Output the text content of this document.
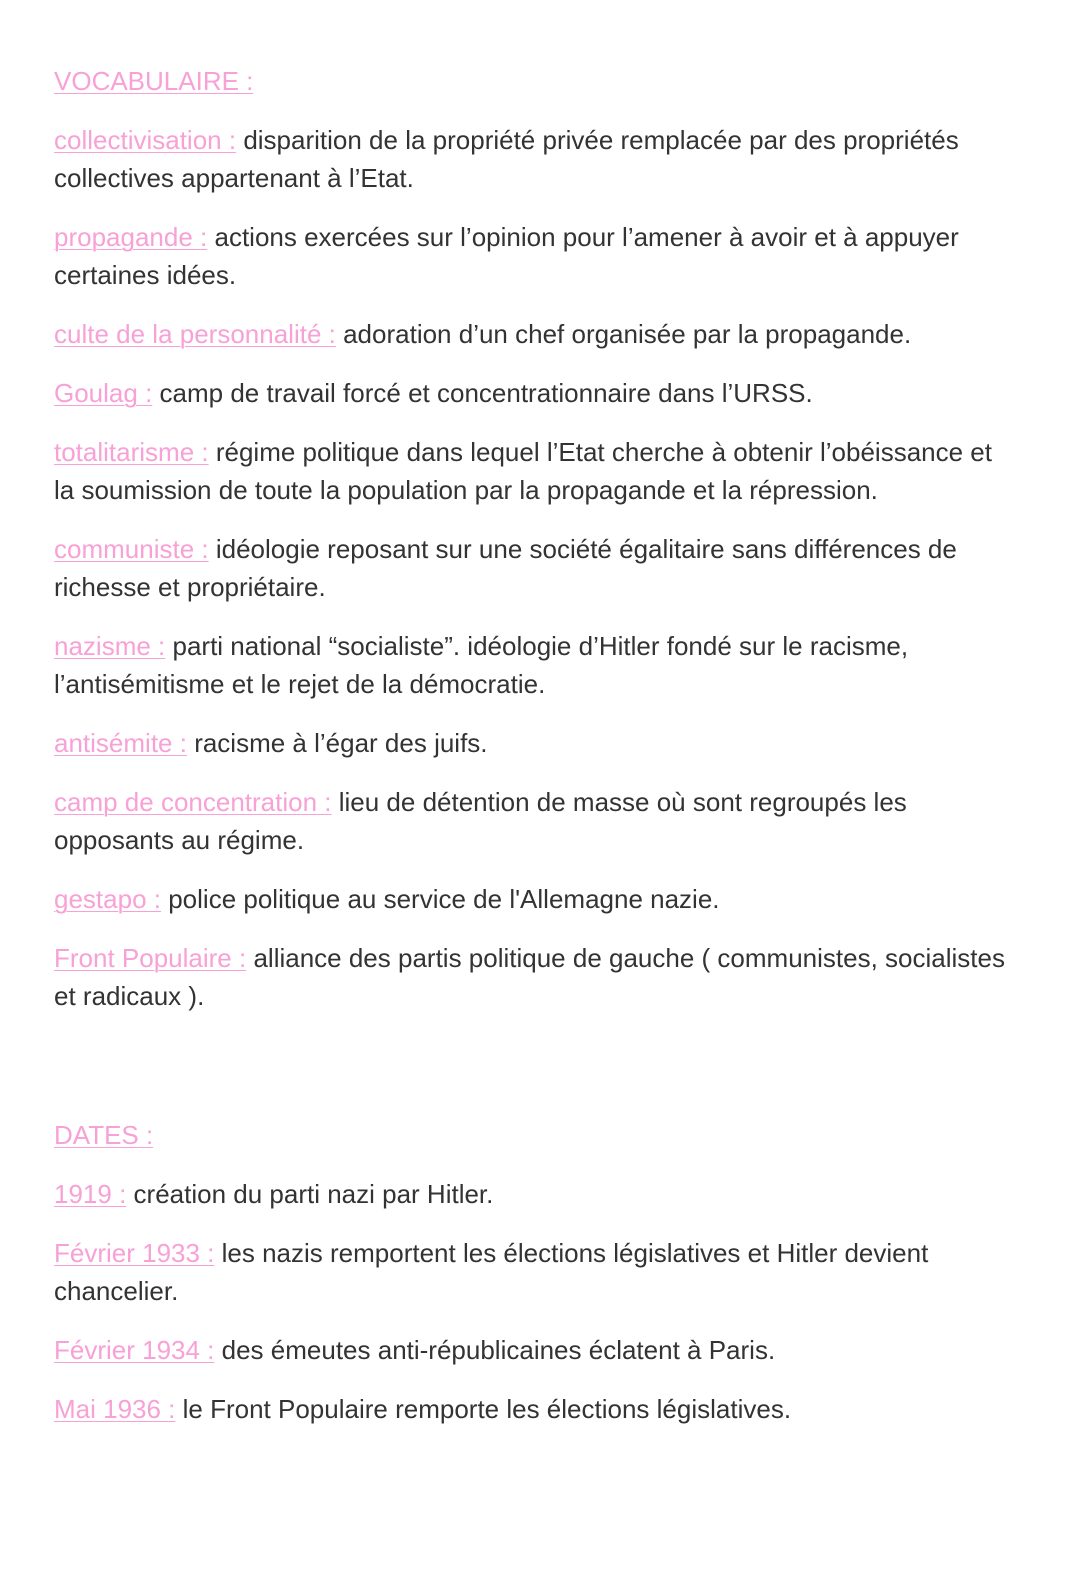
VOCABULAIRE :
collectivisation : disparition de la propriété privée remplacée par des propriétés collectives appartenant à l’Etat.
propagande : actions exercées sur l’opinion pour l’amener à avoir et à appuyer certaines idées.
culte de la personnalité : adoration d’un chef organisée par la propagande.
Goulag : camp de travail forcé et concentrationnaire dans l’URSS.
totalitarisme : régime politique dans lequel l’Etat cherche à obtenir l’obéissance et la soumission de toute la population par la propagande et la répression.
communiste : idéologie reposant sur une société égalitaire sans différences de richesse et propriétaire.
nazisme : parti national “socialiste”. idéologie d’Hitler fondé sur le racisme, l’antisémitisme et le rejet de la démocratie.
antisémite : racisme à l’égar des juifs.
camp de concentration : lieu de détention de masse où sont regroupés les opposants au régime.
gestapo : police politique au service de l'Allemagne nazie.
Front Populaire : alliance des partis politique de gauche ( communistes, socialistes et radicaux ).
DATES :
1919 : création du parti nazi par Hitler.
Février 1933 : les nazis remportent les élections législatives et Hitler devient chancelier.
Février 1934 : des émeutes anti-républicaines éclatent à Paris.
Mai 1936 : le Front Populaire remporte les élections législatives.
